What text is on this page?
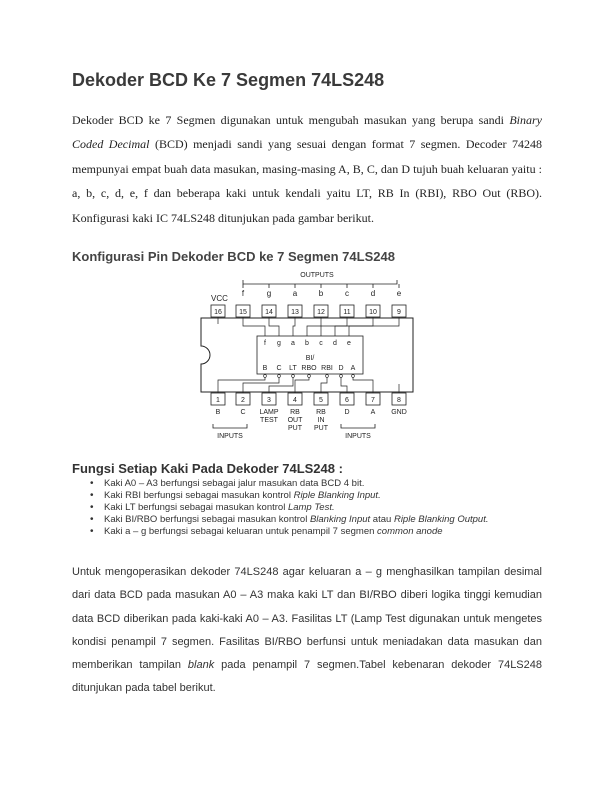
Dekoder BCD Ke 7 Segmen 74LS248

Dekoder BCD ke 7 Segmen digunakan untuk mengubah masukan yang berupa sandi Binary Coded Decimal (BCD) menjadi sandi yang sesuai dengan format 7 segmen. Decoder 74248 mempunyai empat buah data masukan, masing-masing A, B, C, dan D tujuh buah keluaran yaitu : a, b, c, d, e, f dan beberapa kaki untuk kendali yaitu LT, RB In (RBI), RBO Out (RBO). Konfigurasi kaki IC 74LS248 ditunjukan pada gambar berikut.

Konfigurasi Pin Dekoder BCD ke 7 Segmen 74LS248
OUTPUTS
VCC
f	g	a	b	c	d	e
16 15	14	13	12	11	10	9
f g a b c d e
BI/
B C LT RBO RBI D A
1	2	3	4	5	6	7	8
B	C LAMP
TEST
RB
OUT
PUT
RB
IN
PUT
D	A GND
INPUTS	INPUTS
Fungsi Setiap Kaki Pada Dekoder 74LS248 :
• Kaki A0 – A3 berfungsi sebagai jalur masukan data BCD 4 bit.
• Kaki RBI berfungsi sebagai masukan kontrol Riple Blanking Input.
• Kaki LT berfungsi sebagai masukan kontrol Lamp Test.
• Kaki BI/RBO berfungsi sebagai masukan kontrol Blanking Input atau Riple Blanking Output.
• Kaki a – g berfungsi sebagai keluaran untuk penampil 7 segmen common anode

Untuk mengoperasikan dekoder 74LS248 agar keluaran a – g menghasilkan tampilan desimal dari data BCD pada masukan A0 – A3 maka kaki LT dan BI/RBO diberi logika tinggi kemudian data BCD diberikan pada kaki-kaki A0 – A3. Fasilitas LT (Lamp Test digunakan untuk mengetes kondisi penampil 7 segmen. Fasilitas BI/RBO berfunsi untuk meniadakan data masukan dan memberikan tampilan blank pada penampil 7 segmen.Tabel kebenaran dekoder 74LS248 ditunjukan pada tabel berikut.
